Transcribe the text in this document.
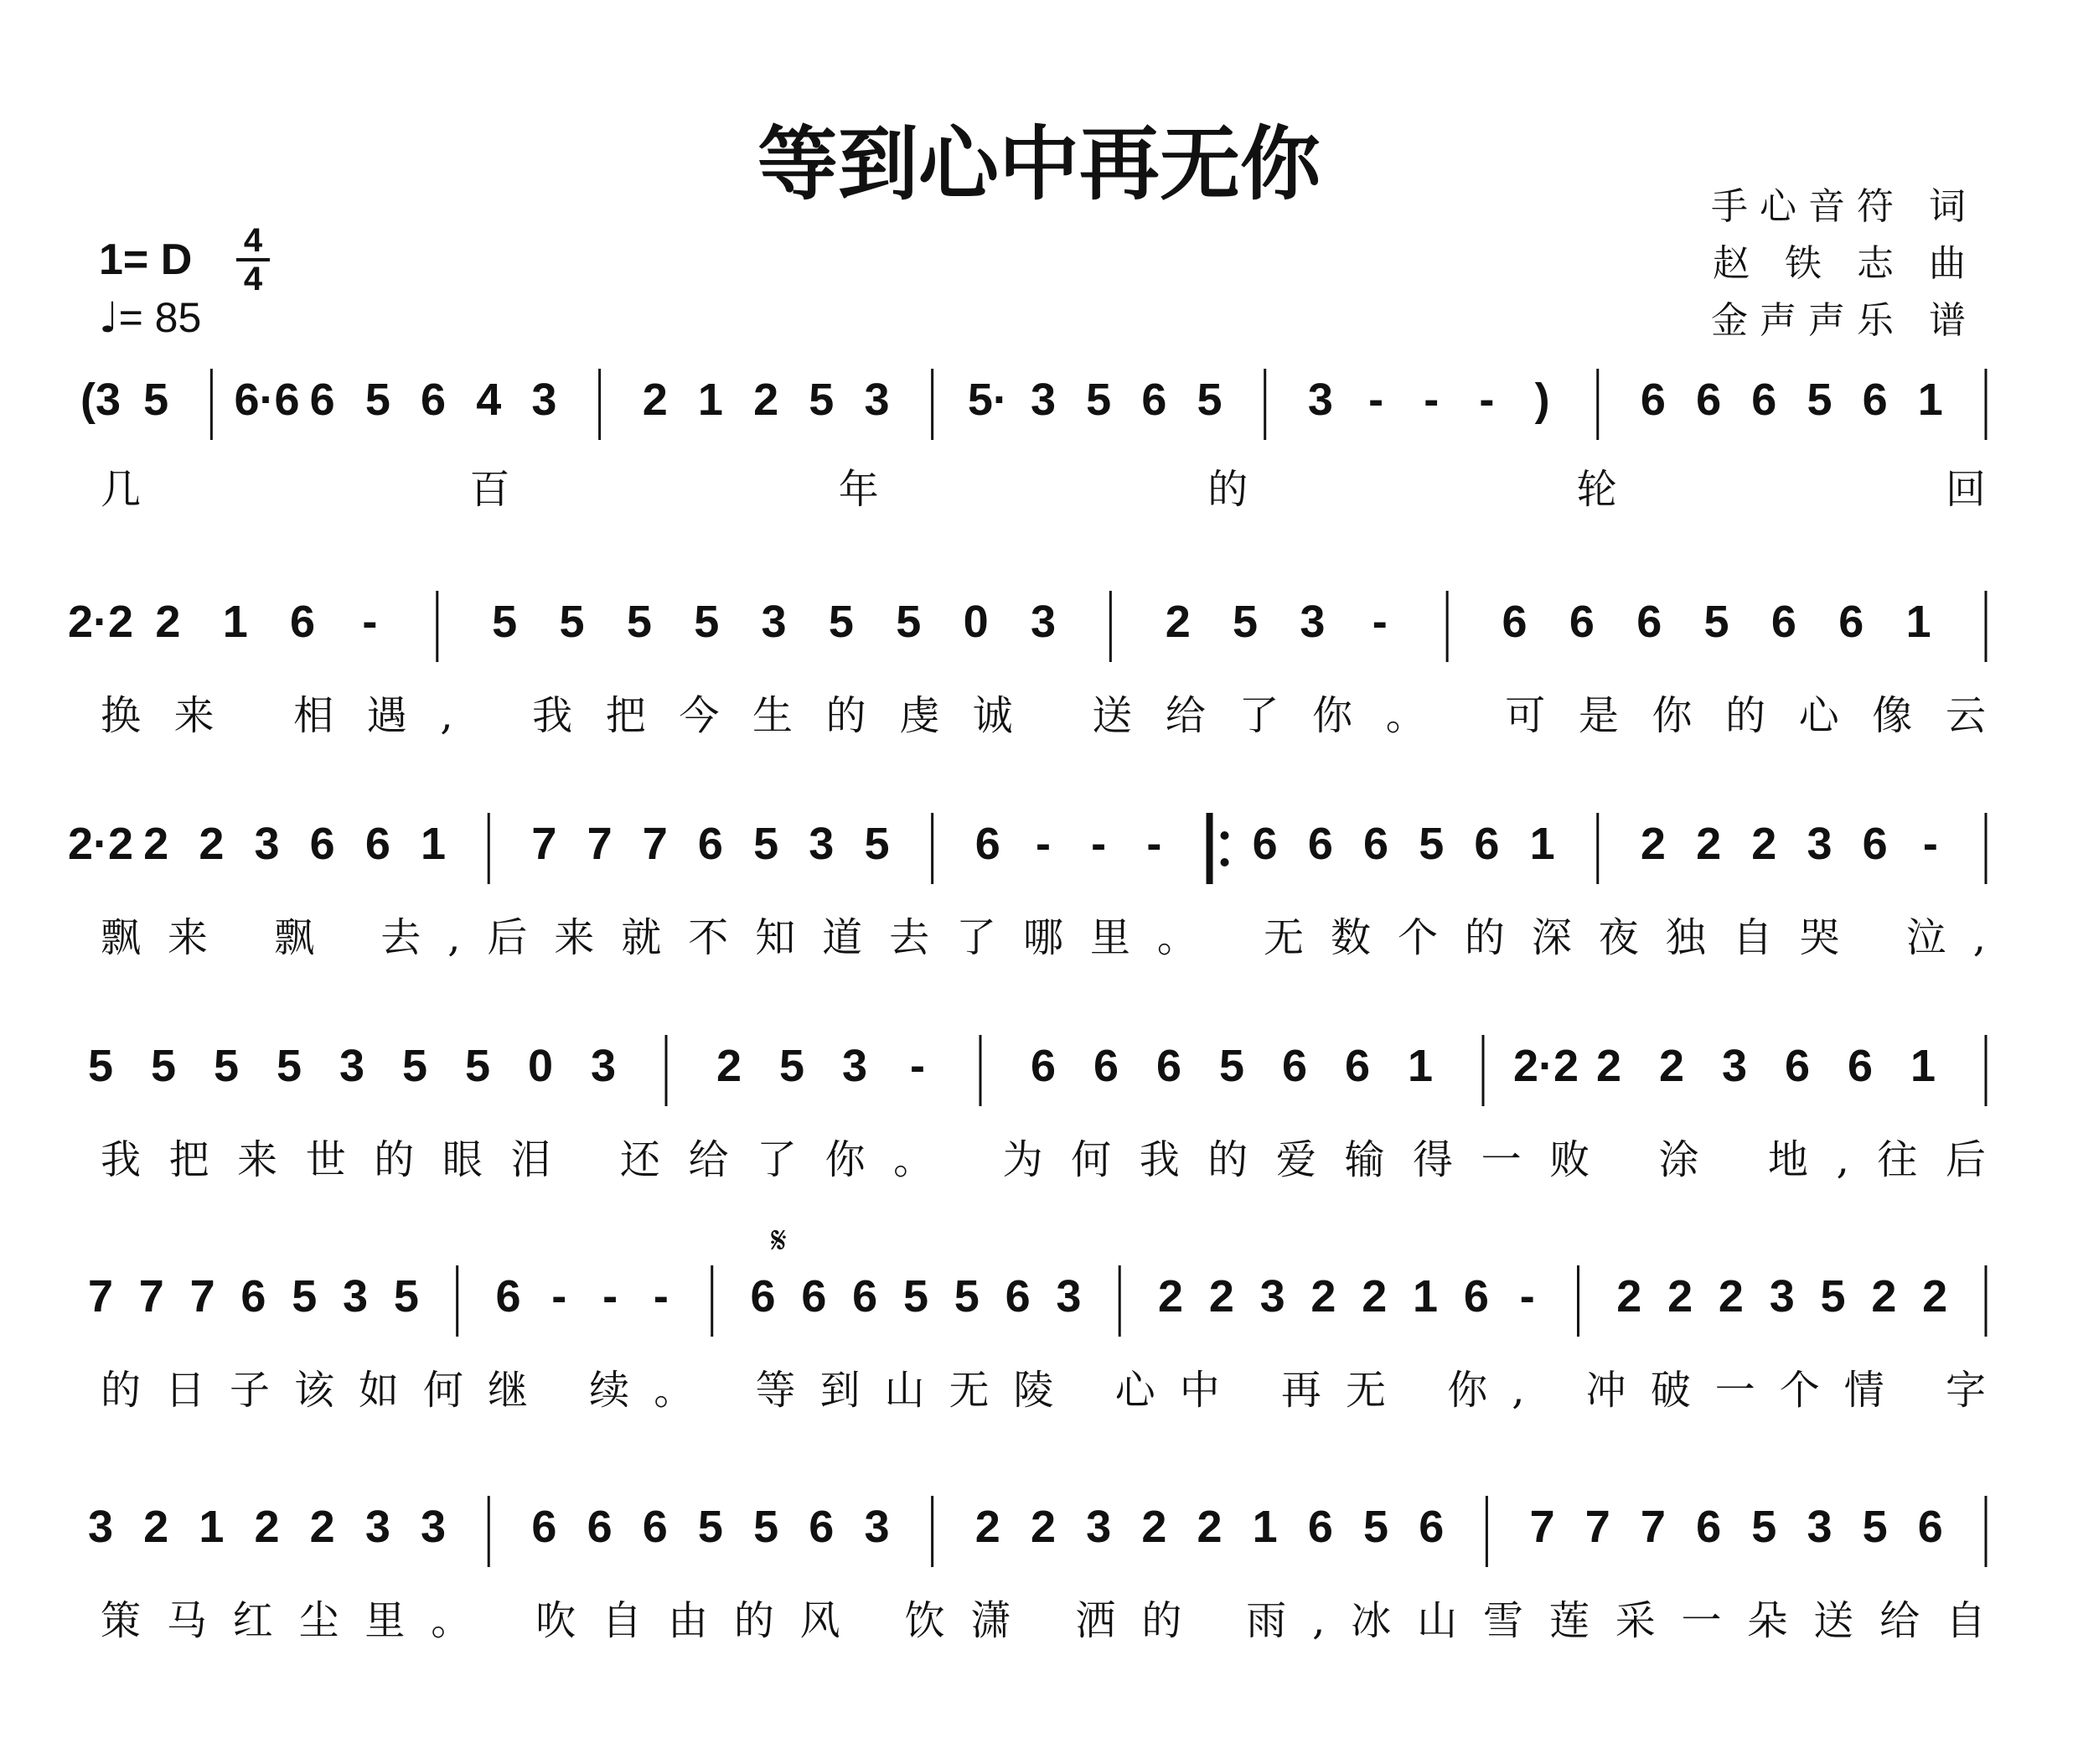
等到心中再无你	手心音符 词
赵 铁 志 曲
金声声乐 谱
1= D 4
4
♩= 85
(3 5 6·6 6 5 6 4 3 2 1 2 5 3 5· 3 5 6 5 3 - - - ) 6 6 6 5 6 1
几百年的轮回
2·2 2 1 6 -	5 5 5 5 3 5 5 0 3 2 5 3 -	6 6 6 5 6 6 1
换来 相遇, 我把今生的虔诚 送给了你。 可是你的心像云
2·2 2 2 3 6 6 1 7 7 7 6 5 3 5 6 - - - 6 6 6 5 6 1 2 2 2 3 6 -
飘来 飘 去,后来就不知道去了哪里。 无数个的深夜独自哭 泣,
5 5 5 5 3 5 5 0 3 2 5 3 - 6 6 6 5 6 6 1 2·2 2 2 3 6 6 1
我把来世的眼泪 还给了你。 为何我的爱输得一败 涂 地,往后
7 7 7 6 5 3 5 6 - - - 6 6 6 5 5 6 3 2 2 3 2 2 1 6 - 2 2 2 3 5 2 2
的日子该如何继 续。 等到山无陵 心中 再无 你, 冲破一个情 字
𝄋
3 2 1 2 2 3 3 6 6 6 5 5 6 3 2 2 3 2 2 1 6 5 6 7 7 7 6 5 3 5 6
策马红尘里。 吹自由的风 饮潇 洒的 雨,冰山雪莲采一朵送给自
